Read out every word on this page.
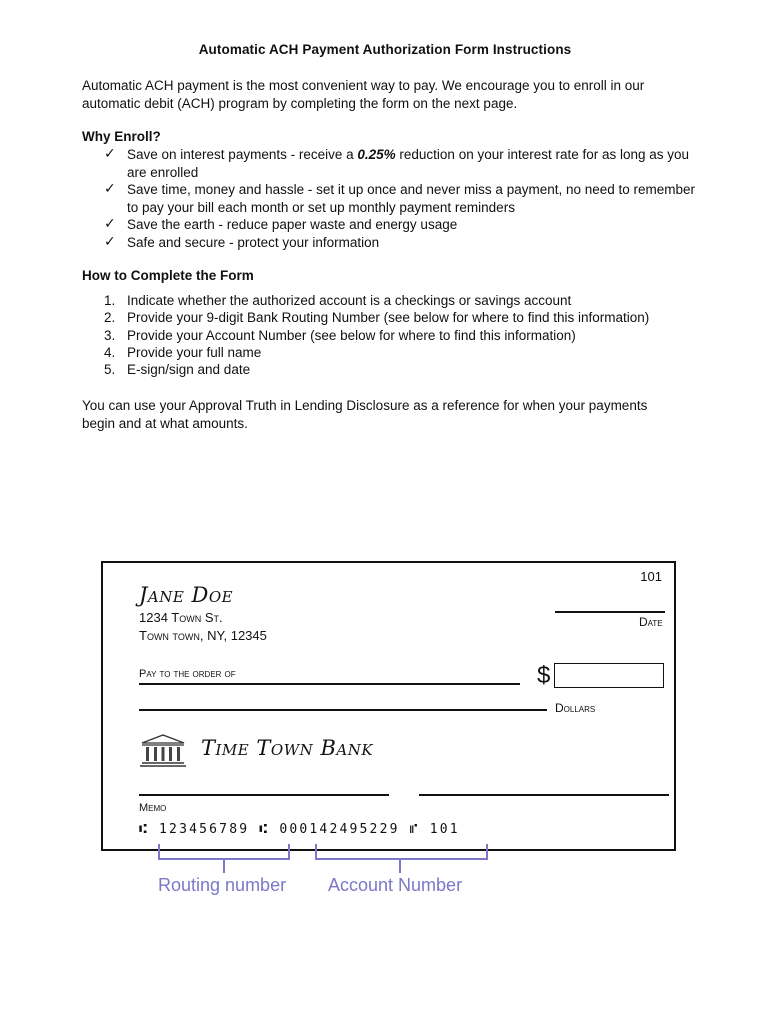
Automatic ACH Payment Authorization Form Instructions
Automatic ACH payment is the most convenient way to pay. We encourage you to enroll in our automatic debit (ACH) program by completing the form on the next page.
Why Enroll?
✓ Save on interest payments - receive a 0.25% reduction on your interest rate for as long as you are enrolled
✓ Save time, money and hassle - set it up once and never miss a payment, no need to remember to pay your bill each month or set up monthly payment reminders
✓ Save the earth - reduce paper waste and energy usage
✓ Safe and secure - protect your information
How to Complete the Form
1. Indicate whether the authorized account is a checkings or savings account
2. Provide your 9-digit Bank Routing Number (see below for where to find this information)
3. Provide your Account Number (see below for where to find this information)
4. Provide your full name
5. E-sign/sign and date
You can use your Approval Truth in Lending Disclosure as a reference for when your payments begin and at what amounts.
101
Jane Doe
1234 Town St.
Town town, NY, 12345
Date
Pay to the order of	$
Dollars
Time Town Bank
Memo
⑆ 123456789 ⑆ 000142495229 ⑈ 101
Routing number Account Number
